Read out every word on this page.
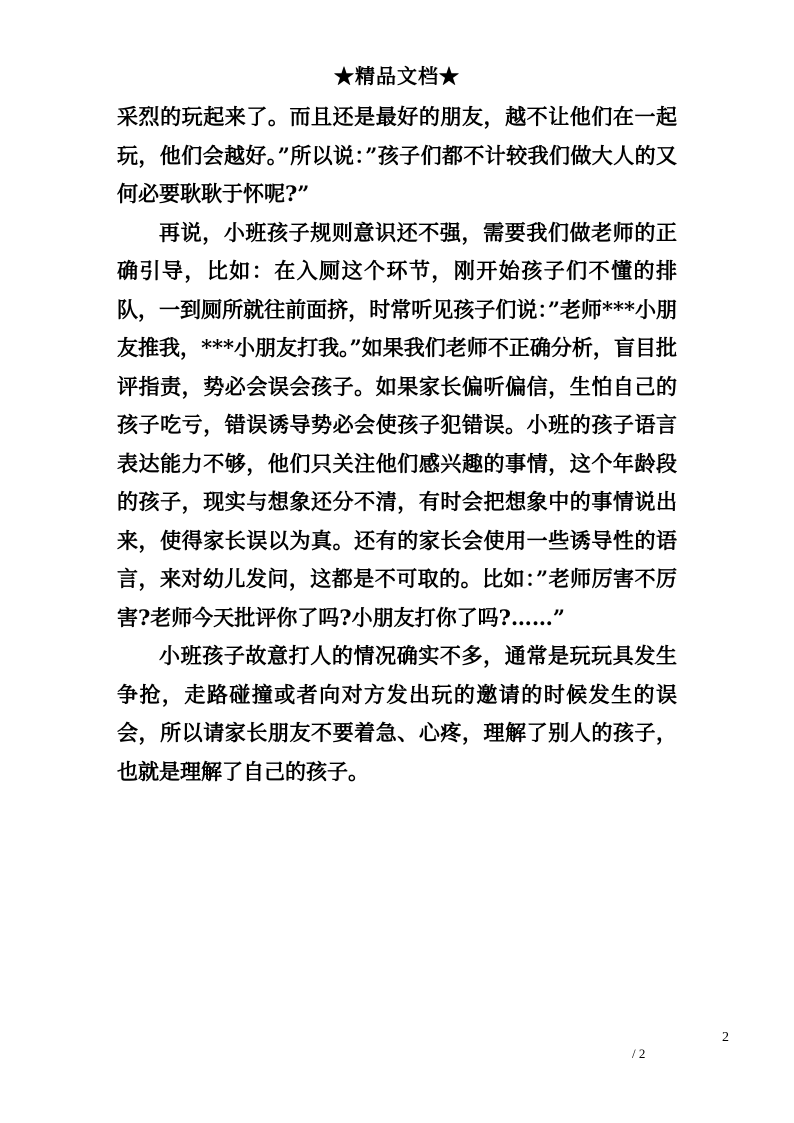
★精品文档★

采烈的玩起来了。而且还是最好的朋友，越不让他们在一起玩，他们会越好。”所以说：”孩子们都不计较我们做大人的又何必要耿耿于怀呢?”

再说，小班孩子规则意识还不强，需要我们做老师的正确引导，比如：在入厕这个环节，刚开始孩子们不懂的排队，一到厕所就往前面挤，时常听见孩子们说：”老师***小朋友推我，***小朋友打我。”如果我们老师不正确分析，盲目批评指责，势必会误会孩子。如果家长偏听偏信，生怕自己的孩子吃亏，错误诱导势必会使孩子犯错误。小班的孩子语言表达能力不够，他们只关注他们感兴趣的事情，这个年龄段的孩子，现实与想象还分不清，有时会把想象中的事情说出来，使得家长误以为真。还有的家长会使用一些诱导性的语言，来对幼儿发问，这都是不可取的。比如：”老师厉害不厉害?老师今天批评你了吗?小朋友打你了吗?……”

小班孩子故意打人的情况确实不多，通常是玩玩具发生争抢，走路碰撞或者向对方发出玩的邀请的时候发生的误会，所以请家长朋友不要着急、心疼，理解了别人的孩子，也就是理解了自己的孩子。

2
/ 2
